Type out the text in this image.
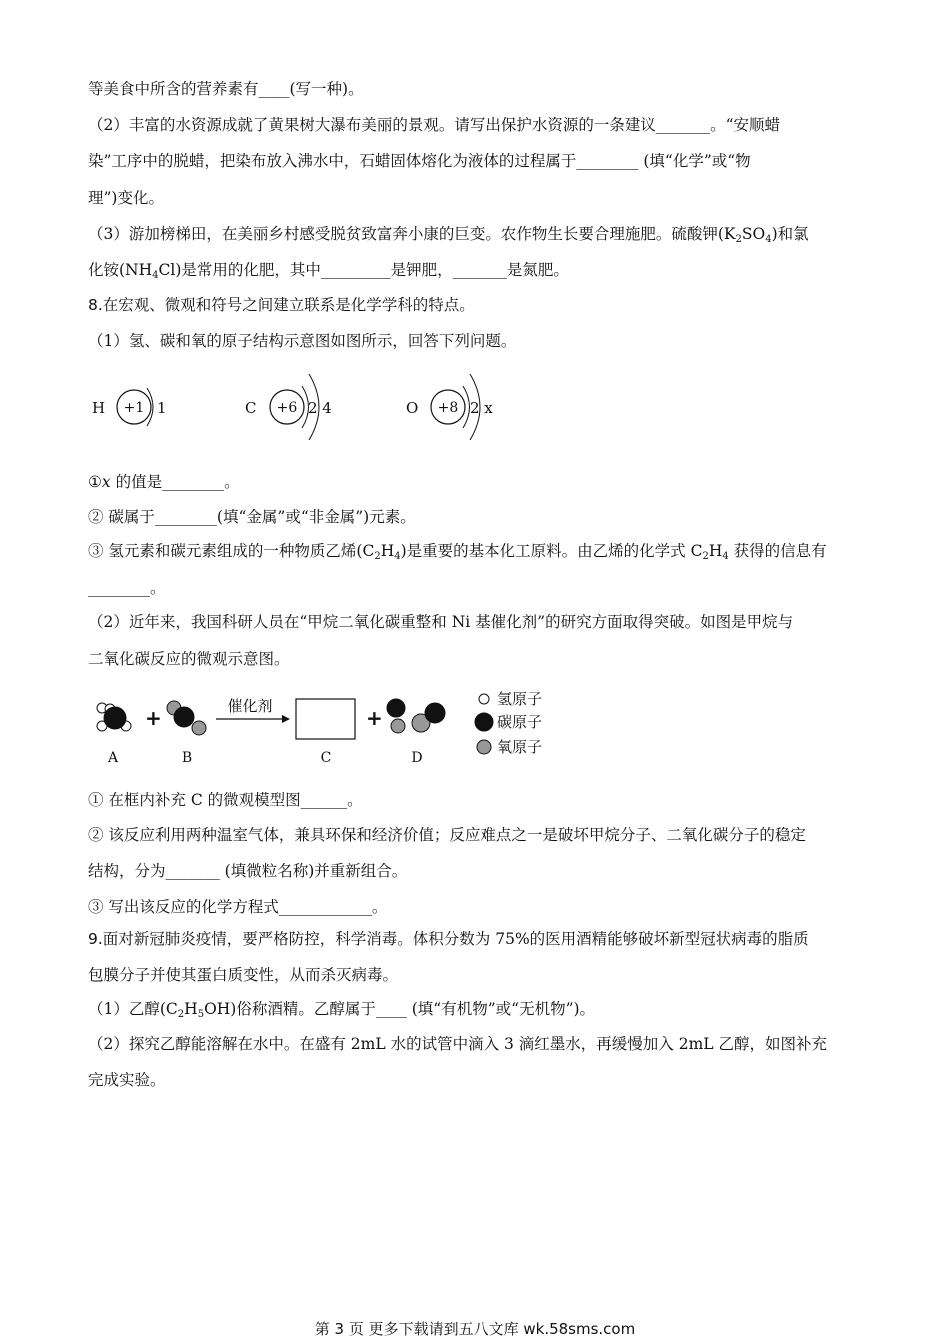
等美食中所含的营养素有____(写一种)。
（2）丰富的水资源成就了黄果树大瀑布美丽的景观。请写出保护水资源的一条建议_______。“安顺蜡
染”工序中的脱蜡，把染布放入沸水中，石蜡固体熔化为液体的过程属于________ (填“化学”或“物
理”)变化。
（3）游加榜梯田，在美丽乡村感受脱贫致富奔小康的巨变。农作物生长要合理施肥。硫酸钾$(K_2SO_4)$和氯
化铵$(NH_4Cl)$是常用的化肥，其中_________是钾肥，_______是氮肥。
8.在宏观、微观和符号之间建立联系是化学学科的特点。
（1）氢、碳和氧的原子结构示意图如图所示，回答下列问题。
H +1 1	C +6 2 4	O +8 2 x
①x 的值是________。
② 碳属于________(填“金属”或“非金属”)元素。
③ 氢元素和碳元素组成的一种物质乙烯$(C_2H_4)$是重要的基本化工原料。由乙烯的化学式 $C_2H_4$ 获得的信息有
________。
（2）近年来，我国科研人员在“甲烷二氧化碳重整和 Ni 基催化剂”的研究方面取得突破。如图是甲烷与
二氧化碳反应的微观示意图。
+	+
催化剂	氢原子
碳原子
氧原子
A	B	C	D
① 在框内补充 C 的微观模型图______。
② 该反应利用两种温室气体，兼具环保和经济价值；反应难点之一是破坏甲烷分子、二氧化碳分子的稳定
结构，分为_______ (填微粒名称)并重新组合。
③ 写出该反应的化学方程式____________。
9.面对新冠肺炎疫情，要严格防控，科学消毒。体积分数为 75%的医用酒精能够破坏新型冠状病毒的脂质
包膜分子并使其蛋白质变性，从而杀灭病毒。
（1）乙醇$(C_2H_5OH)$俗称酒精。乙醇属于____ (填“有机物”或“无机物”)。
（2）探究乙醇能溶解在水中。在盛有 2mL 水的试管中滴入 3 滴红墨水，再缓慢加入 2mL 乙醇，如图补充
完成实验。
第 3 页 更多下载请到五八文库 wk.58sms.com
